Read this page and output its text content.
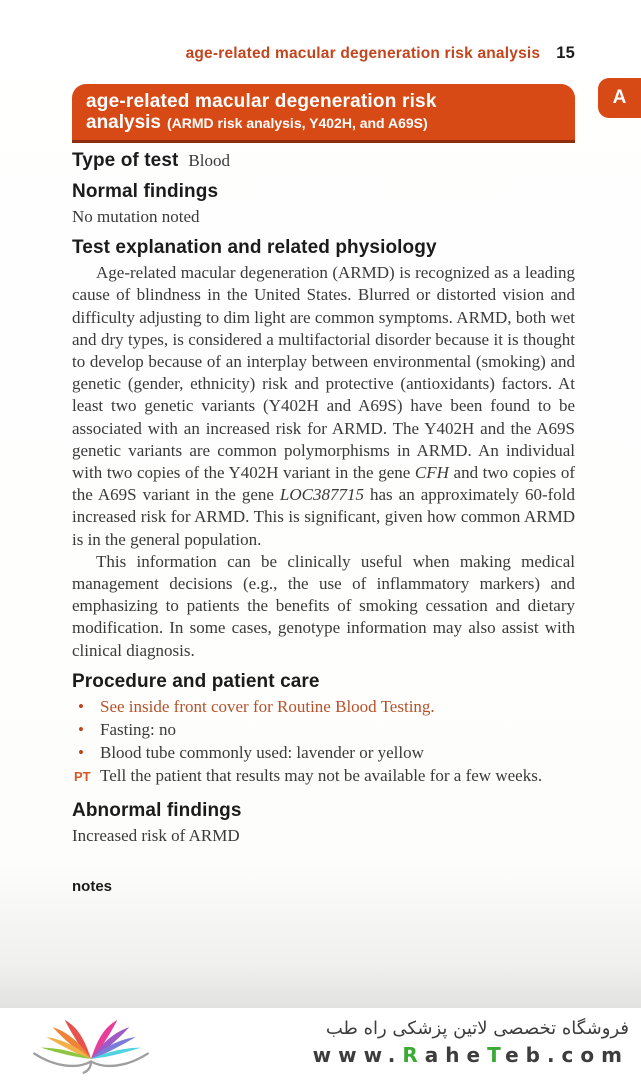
age-related macular degeneration risk analysis 15
age-related macular degeneration risk
analysis (ARMD risk analysis, Y402H, and A69S)
A
Type of test Blood
Normal findings

No mutation noted

Test explanation and related physiology

Age-related macular degeneration (ARMD) is recognized as a leading cause of blindness in the United States. Blurred or distorted vision and difficulty adjusting to dim light are common symptoms. ARMD, both wet and dry types, is considered a multifactorial disorder because it is thought to develop because of an interplay between environmental (smoking) and genetic (gender, ethnicity) risk and protective (antioxidants) factors. At least two genetic variants (Y402H and A69S) have been found to be associated with an increased risk for ARMD. The Y402H and the A69S genetic variants are common polymorphisms in ARMD. An individual with two copies of the Y402H variant in the gene CFH and two copies of the A69S variant in the gene LOC387715 has an approximately 60-fold increased risk for ARMD. This is significant, given how common ARMD is in the general population.

This information can be clinically useful when making medical management decisions (e.g., the use of inflammatory markers) and emphasizing to patients the benefits of smoking cessation and dietary modification. In some cases, genotype information may also assist with clinical diagnosis.

Procedure and patient care
• See inside front cover for Routine Blood Testing.
• Fasting: no
• Blood tube commonly used: lavender or yellow
PT Tell the patient that results may not be available for a few weeks.
Abnormal findings

Increased risk of ARMD

notes
فروشگاه تخصصی لاتین پزشکی راه طب
www.RaheTeb.com
